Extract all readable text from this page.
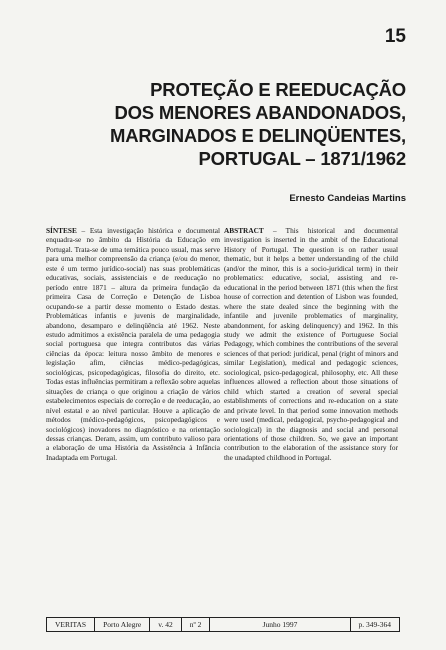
15
PROTEÇÃO E REEDUCAÇÃO
DOS MENORES ABANDONADOS,
MARGINADOS E DELINQÜENTES,
PORTUGAL – 1871/1962
Ernesto Candeias Martins
SÍNTESE – Esta investigação histórica e documental enquadra-se no âmbito da História da Educação em Portugal. Trata-se de uma temática pouco usual, mas serve para uma melhor compreensão da criança (e/ou do menor, este é um termo jurídico-social) nas suas problemáticas educativas, sociais, assistenciais e de reeducação no período entre 1871 – altura da primeira fundação da primeira Casa de Correção e Detenção de Lisboa ocupando-se a partir desse momento o Estado destas. Problemáticas infantis e juvenis de marginalidade, abandono, desamparo e delinqüência até 1962. Neste estudo admitimos a existência paralela de uma pedagogia social portuguesa que integra contributos das várias ciências da época: leitura nosso âmbito de menores e legislação afim, ciências médico-pedagógicas, sociológicas, psicopedagógicas, filosofia do direito, etc. Todas estas influências permitiram a reflexão sobre aquelas situações de criança o que originou a criação de vários estabelecimentos especiais de correção e de reeducação, ao nível estatal e ao nível particular. Houve a aplicação de métodos (médico-pedagógicos, psicopedagógicos e sociológicos) inovadores no diagnóstico e na orientação dessas crianças. Deram, assim, um contributo valioso para a elaboração de uma História da Assistência à Infância Inadaptada em Portugal.
ABSTRACT – This historical and documental investigation is inserted in the ambit of the Educational History of Portugal. The question is on rather usual thematic, but it helps a better understanding of the child (and/or the minor, this is a socio-juridical term) in their problematics: educative, social, assisting and re-educational in the period between 1871 (this when the first house of correction and detention of Lisbon was founded, where the state dealed since the beginning with the infantile and juvenile problematics of marginality, abandonment, for asking delinquency) and 1962. In this study we admit the existence of Portuguese Social Pedagogy, which combines the contributions of the several sciences of that period: juridical, penal (right of minors and similar Legislation), medical and pedagogic sciences, sociological, psico-pedagogical, philosophy, etc. All these influences allowed a reflection about those situations of child which started a creation of several special establishments of corrections and re-education on a state and private level. In that period some innovation methods were used (medical, pedagogical, psycho-pedagogical and sociological) in the diagnosis and social and personal orientations of those children. So, we gave an important contribution to the elaboration of the assistance story for the unadapted childhood in Portugal.
VERITAS	Porto Alegre	v. 42	nº 2	Junho 1997	p. 349-364
